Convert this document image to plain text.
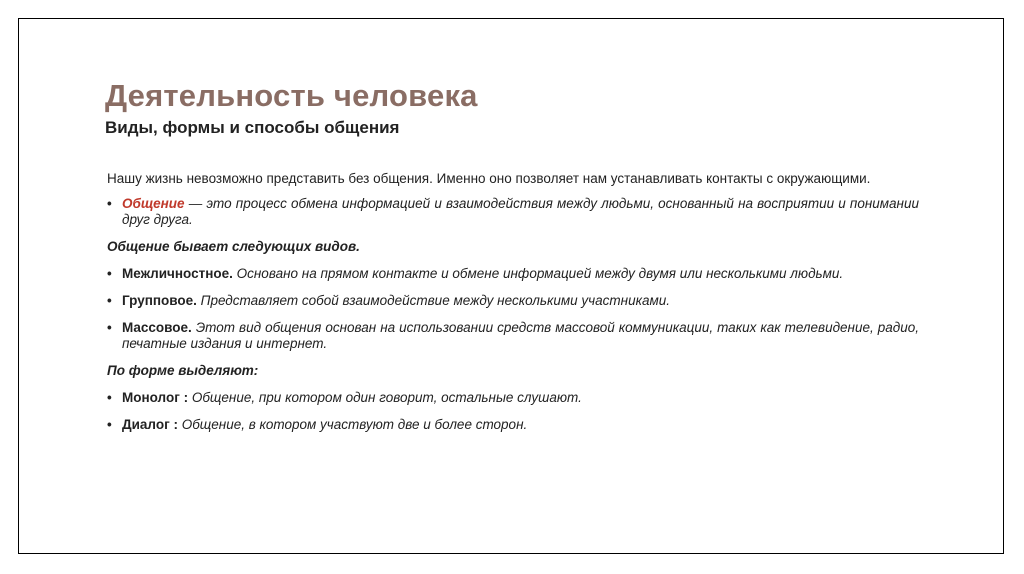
Деятельность человека
Виды, формы и способы общения

Нашу жизнь невозможно представить без общения. Именно оно позволяет нам устанавливать контакты с окружающими.

• Общение — это процесс обмена информацией и взаимодействия между людьми, основанный на восприятии и понимании друг друга.

Общение бывает следующих видов.

• Межличностное. Основано на прямом контакте и обмене информацией между двумя или несколькими людьми.
• Групповое. Представляет собой взаимодействие между несколькими участниками.
• Массовое. Этот вид общения основан на использовании средств массовой коммуникации, таких как телевидение, радио, печатные издания и интернет.

По форме выделяют:

• Монолог : Общение, при котором один говорит, остальные слушают.
• Диалог : Общение, в котором участвуют две и более сторон.
